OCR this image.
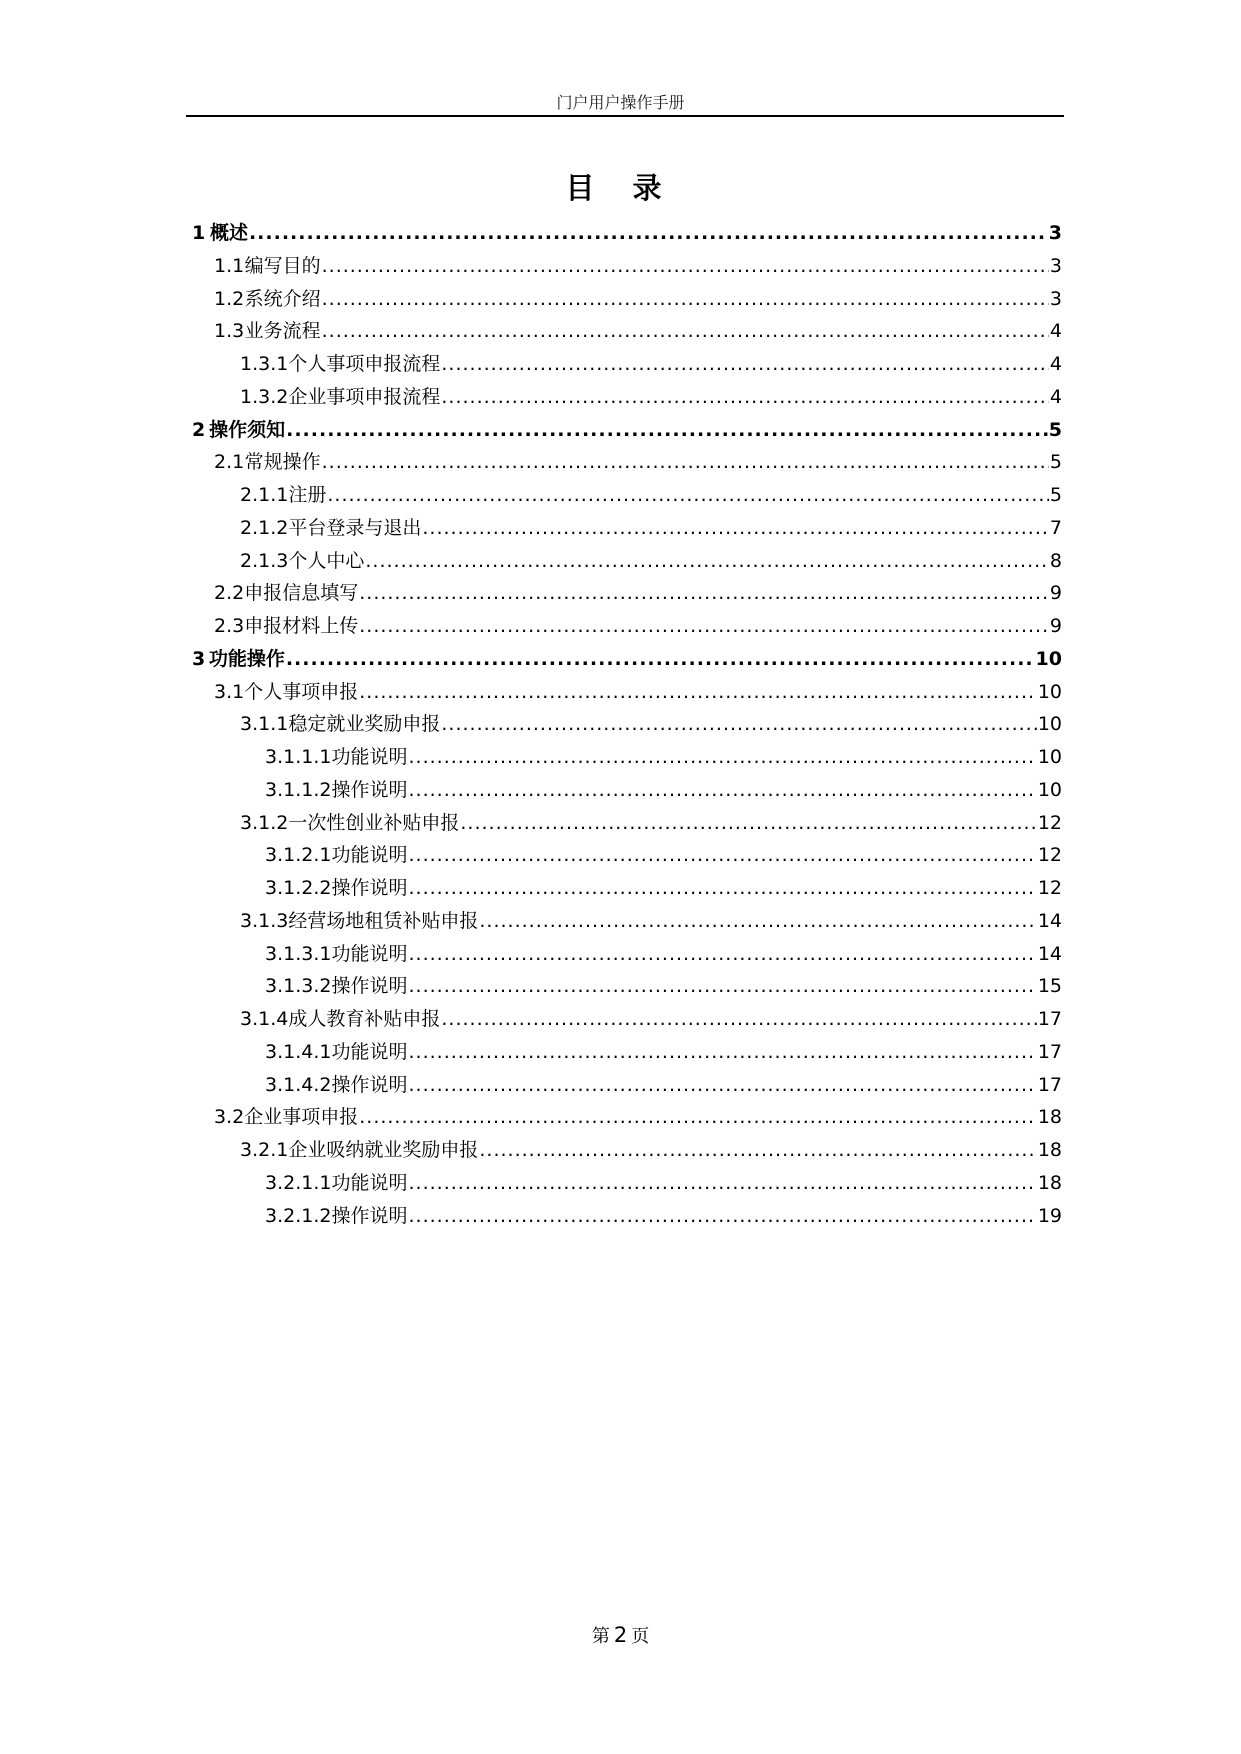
门户用户操作手册
目 录
1 概述 .....	3
1.1 编写目的 .....	3
1.2 系统介绍 .....	3
1.3 业务流程 .....	4
1.3.1 个人事项申报流程 .....	4
1.3.2 企业事项申报流程 .....	4
2 操作须知 .....	5
2.1 常规操作 .....	5
2.1.1 注册 .....	5
2.1.2 平台登录与退出 .....	7
2.1.3 个人中心 .....	8
2.2 申报信息填写 .....	9
2.3 申报材料上传 .....	9
3 功能操作 .....	10
3.1 个人事项申报 .....	10
3.1.1 稳定就业奖励申报 .....	10
3.1.1.1 功能说明 .....	10
3.1.1.2 操作说明 .....	10
3.1.2 一次性创业补贴申报 .....	12
3.1.2.1 功能说明 .....	12
3.1.2.2 操作说明 .....	12
3.1.3 经营场地租赁补贴申报 .....	14
3.1.3.1 功能说明 .....	14
3.1.3.2 操作说明 .....	15
3.1.4 成人教育补贴申报 .....	17
3.1.4.1 功能说明 .....	17
3.1.4.2 操作说明 .....	17
3.2 企业事项申报 .....	18
3.2.1 企业吸纳就业奖励申报 .....	18
3.2.1.1 功能说明 .....	18
3.2.1.2 操作说明 .....	19
第 2 页
